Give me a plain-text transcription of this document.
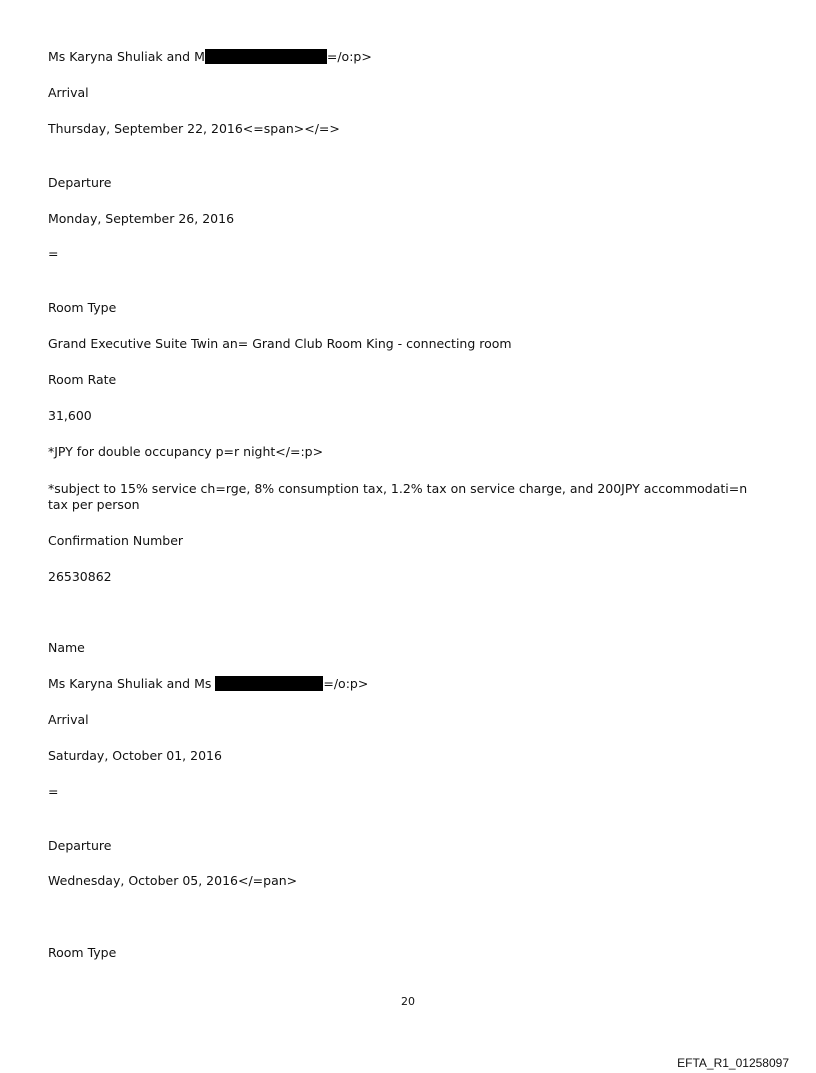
Ms Karyna Shuliak and M	=/o:p>
Arrival
Thursday, September 22, 2016<=span></=>
Departure
Monday, September 26, 2016
=
Room Type
Grand Executive Suite Twin an= Grand Club Room King - connecting room
Room Rate
31,600
*JPY for double occupancy p=r night</=:p>
*subject to 15% service ch=rge, 8% consumption tax, 1.2% tax on service charge, and 200JPY accommodati=n tax per person
Confirmation Number
26530862
Name
Ms Karyna Shuliak and Ms	=/o:p>
Arrival
Saturday, October 01, 2016
=
Departure
Wednesday, October 05, 2016</=pan>
Room Type
20
EFTA_R1_01258097
